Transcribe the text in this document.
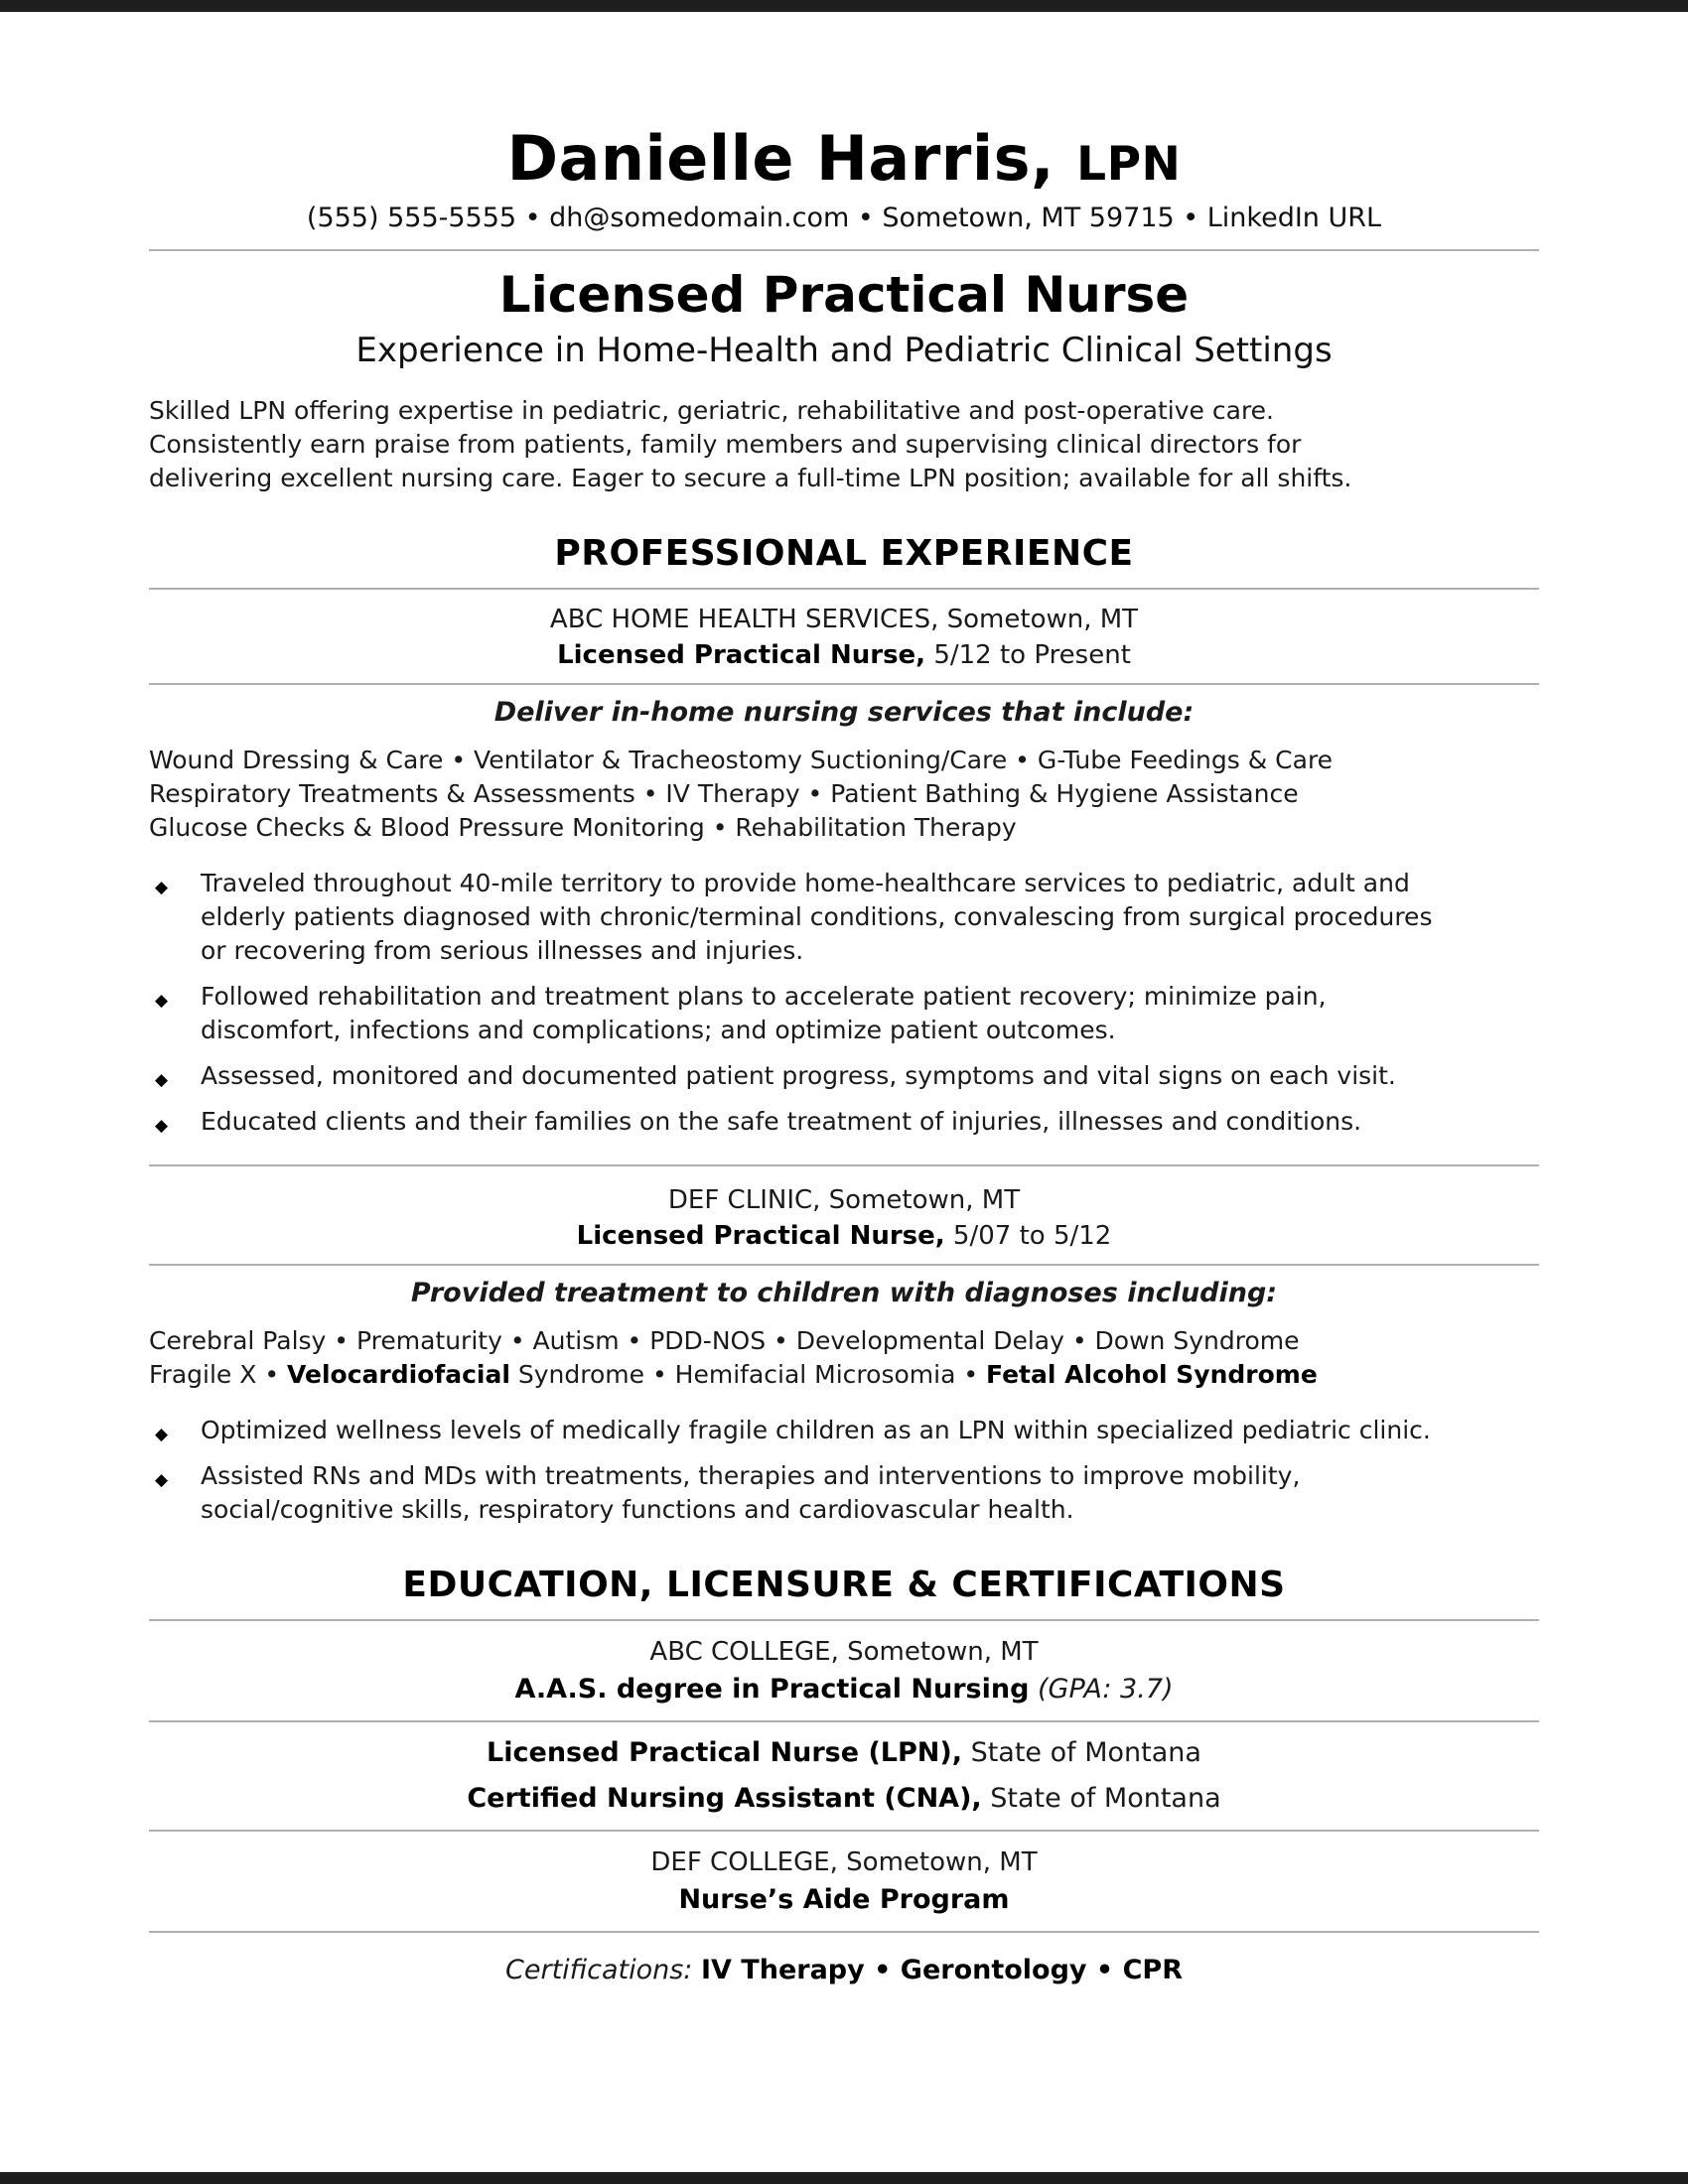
Danielle Harris, LPN
(555) 555-5555 • dh@somedomain.com • Sometown, MT 59715 • LinkedIn URL
Licensed Practical Nurse
Experience in Home-Health and Pediatric Clinical Settings
Skilled LPN offering expertise in pediatric, geriatric, rehabilitative and post-operative care.
Consistently earn praise from patients, family members and supervising clinical directors for
delivering excellent nursing care. Eager to secure a full-time LPN position; available for all shifts.
PROFESSIONAL EXPERIENCE
ABC HOME HEALTH SERVICES, Sometown, MT
Licensed Practical Nurse, 5/12 to Present
Deliver in-home nursing services that include:
Wound Dressing & Care • Ventilator & Tracheostomy Suctioning/Care • G-Tube Feedings & Care
Respiratory Treatments & Assessments • IV Therapy • Patient Bathing & Hygiene Assistance
Glucose Checks & Blood Pressure Monitoring • Rehabilitation Therapy
◆ Traveled throughout 40-mile territory to provide home-healthcare services to pediatric, adult and elderly patients diagnosed with chronic/terminal conditions, convalescing from surgical procedures or recovering from serious illnesses and injuries.
◆ Followed rehabilitation and treatment plans to accelerate patient recovery; minimize pain, discomfort, infections and complications; and optimize patient outcomes.
◆ Assessed, monitored and documented patient progress, symptoms and vital signs on each visit.
◆ Educated clients and their families on the safe treatment of injuries, illnesses and conditions.
DEF CLINIC, Sometown, MT
Licensed Practical Nurse, 5/07 to 5/12
Provided treatment to children with diagnoses including:
Cerebral Palsy • Prematurity • Autism • PDD-NOS • Developmental Delay • Down Syndrome
Fragile X • Velocardiofacial Syndrome • Hemifacial Microsomia • Fetal Alcohol Syndrome
◆ Optimized wellness levels of medically fragile children as an LPN within specialized pediatric clinic.
◆ Assisted RNs and MDs with treatments, therapies and interventions to improve mobility, social/cognitive skills, respiratory functions and cardiovascular health.
EDUCATION, LICENSURE & CERTIFICATIONS
ABC COLLEGE, Sometown, MT
A.A.S. degree in Practical Nursing (GPA: 3.7)
Licensed Practical Nurse (LPN), State of Montana
Certified Nursing Assistant (CNA), State of Montana
DEF COLLEGE, Sometown, MT
Nurse’s Aide Program
Certifications: IV Therapy • Gerontology • CPR
